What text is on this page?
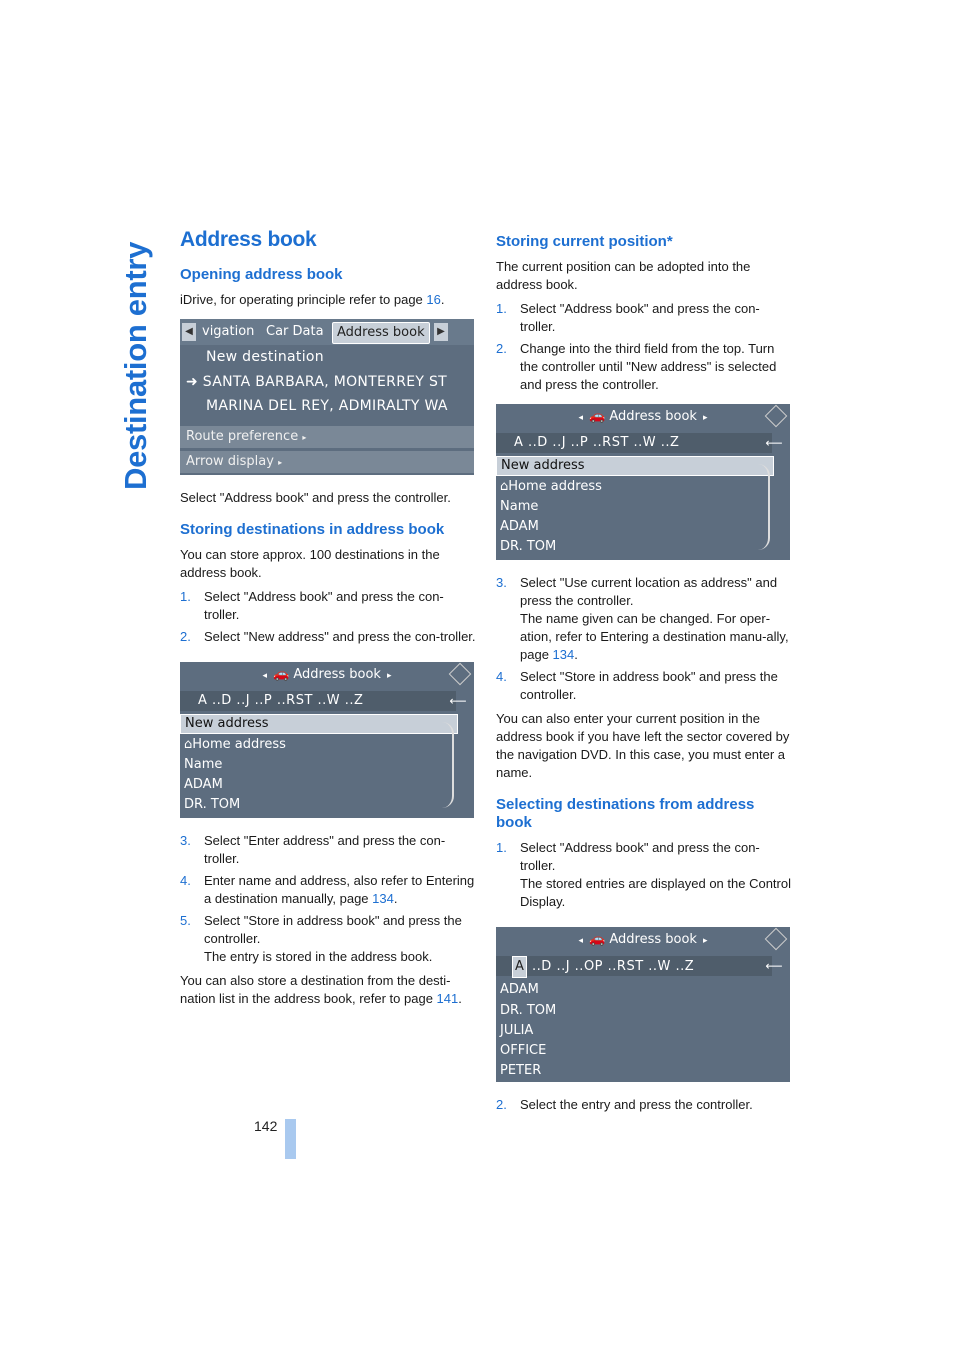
Destination entry
Address book
Opening address book

iDrive, for operating principle refer to page 16.

◀ vigation Car Data	Address book	▶
New destination
➜ SANTA BARBARA, MONTERREY ST
MARINA DEL REY, ADMIRALTY WA
Route preference ▸
Arrow display ▸

Select "Address book" and press the controller.

Storing destinations in address book

You can store approx. 100 destinations in the address book.

1. Select "Address book" and press the con-troller.
2. Select "New address" and press the con-troller.
◂ 🚗 Address book ▸
A ..D ..J ..P ..RST ..W ..Z	⟵
New address
⌂Home address
Name
ADAM
DR. TOM
3. Select "Enter address" and press the con-troller.
4. Enter name and address, also refer to Entering a destination manually, page 134.
5. Select "Store in address book" and press the controller.
The entry is stored in the address book.

You can also store a destination from the desti-nation list in the address book, refer to page 141.

Storing current position*

The current position can be adopted into the address book.

1. Select "Address book" and press the con-troller.
2. Change into the third field from the top. Turn the controller until "New address" is selected and press the controller.
◂ 🚗 Address book ▸
A ..D ..J ..P ..RST ..W ..Z	⟵
New address
⌂Home address
Name
ADAM
DR. TOM
3. Select "Use current location as address" and press the controller.
The name given can be changed. For oper-ation, refer to Entering a destination manu-ally, page 134.
4. Select "Store in address book" and press the controller.

You can also enter your current position in the address book if you have left the sector covered by the navigation DVD. In this case, you must enter a name.

Selecting destinations from address book
1. Select "Address book" and press the con-troller.
The stored entries are displayed on the Control Display.
◂ 🚗 Address book ▸
A ..D ..J ..OP ..RST ..W ..Z	⟵
ADAM
DR. TOM
JULIA
OFFICE
PETER
2. Select the entry and press the controller.
142
